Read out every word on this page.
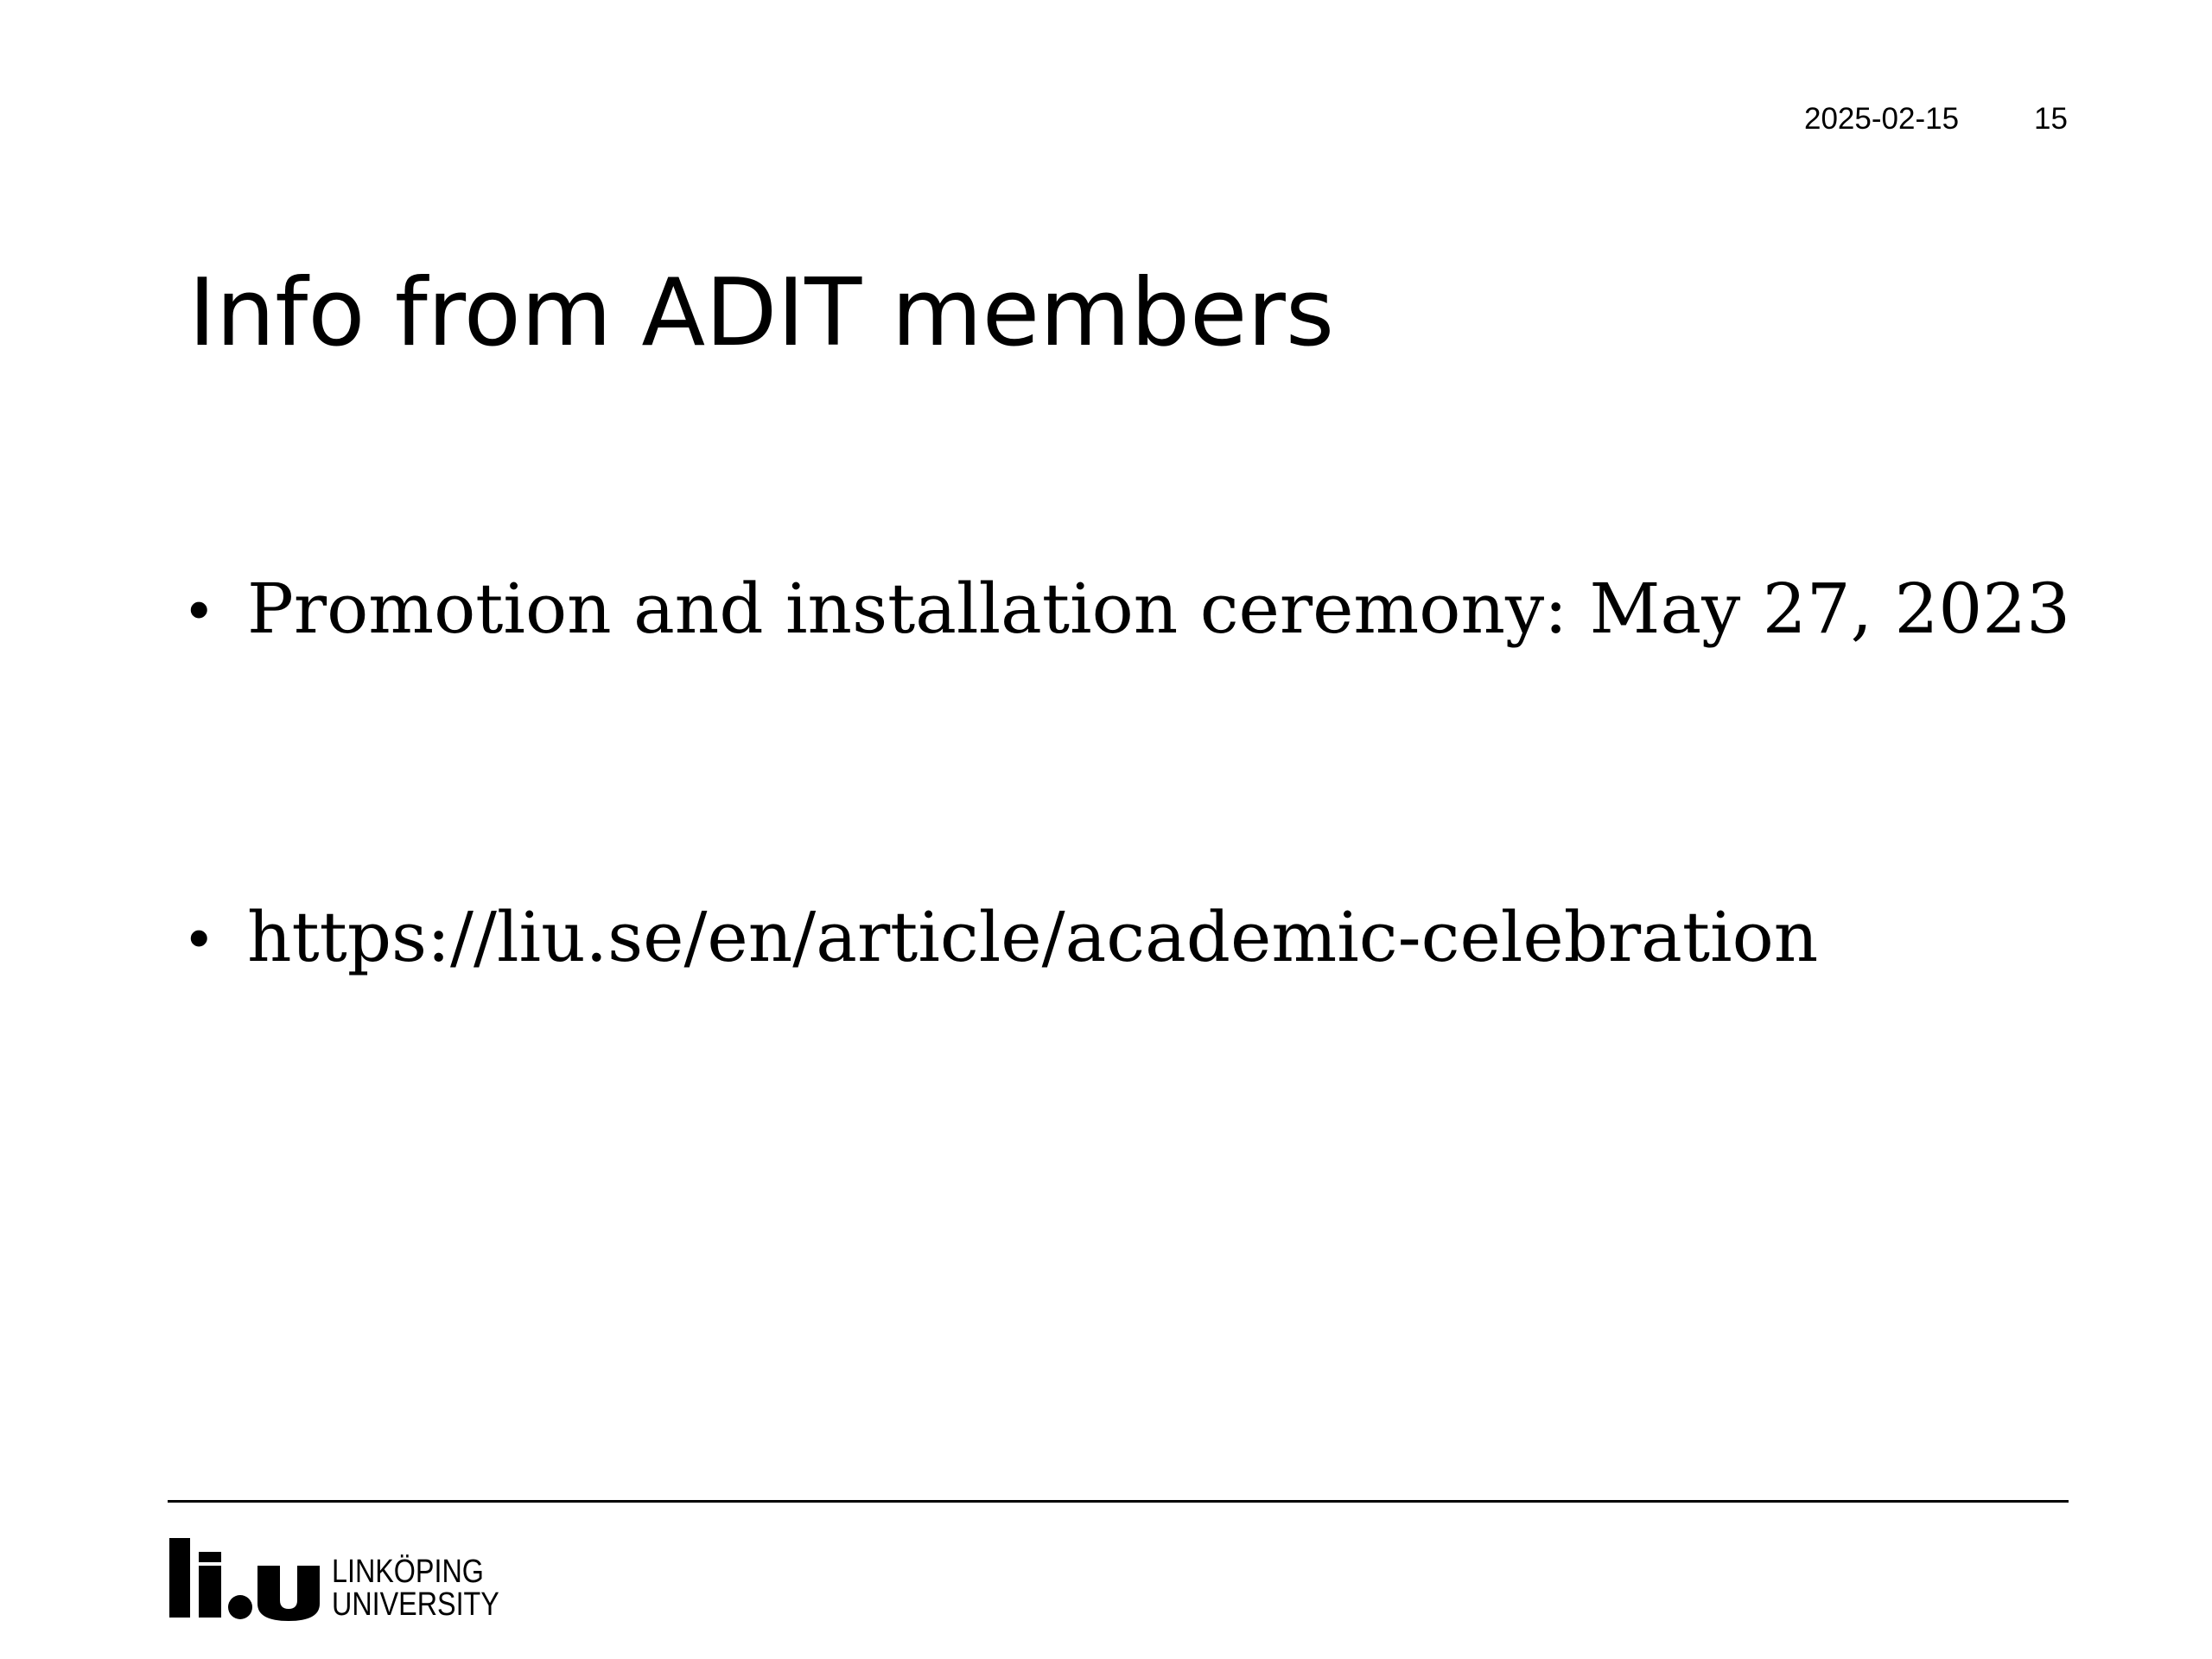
2025-02-15 15
Info from ADIT members
• Promotion and installation ceremony: May 27, 2023
• https://liu.se/en/article/academic-celebration
LINKÖPING
UNIVERSITY
